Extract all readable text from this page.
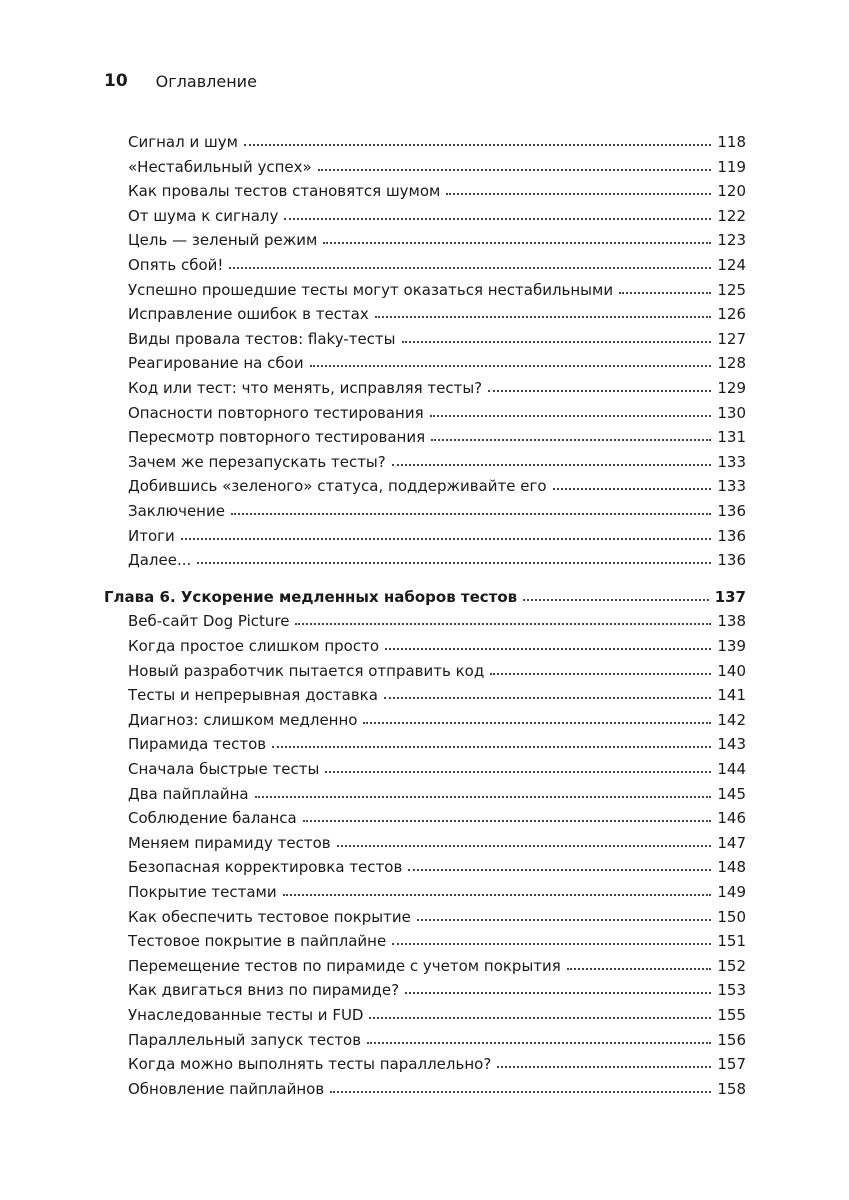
10 Оглавление
Сигнал и шум	118
«Нестабильный успех»	119
Как провалы тестов становятся шумом	120
От шума к сигналу	122
Цель — зеленый режим	123
Опять сбой!	124
Успешно прошедшие тесты могут оказаться нестабильными	125
Исправление ошибок в тестах	126
Виды провала тестов: flaky-тесты	127
Реагирование на сбои	128
Код или тест: что менять, исправляя тесты?	129
Опасности повторного тестирования	130
Пересмотр повторного тестирования	131
Зачем же перезапускать тесты?	133
Добившись «зеленого» статуса, поддерживайте его	133
Заключение	136
Итоги	136
Далее...	136
Глава 6. Ускорение медленных наборов тестов	137
Веб-сайт Dog Picture	138
Когда простое слишком просто	139
Новый разработчик пытается отправить код	140
Тесты и непрерывная доставка	141
Диагноз: слишком медленно	142
Пирамида тестов	143
Сначала быстрые тесты	144
Два пайплайна	145
Соблюдение баланса	146
Меняем пирамиду тестов	147
Безопасная корректировка тестов	148
Покрытие тестами	149
Как обеспечить тестовое покрытие	150
Тестовое покрытие в пайплайне	151
Перемещение тестов по пирамиде с учетом покрытия	152
Как двигаться вниз по пирамиде?	153
Унаследованные тесты и FUD	155
Параллельный запуск тестов	156
Когда можно выполнять тесты параллельно?	157
Обновление пайплайнов	158
